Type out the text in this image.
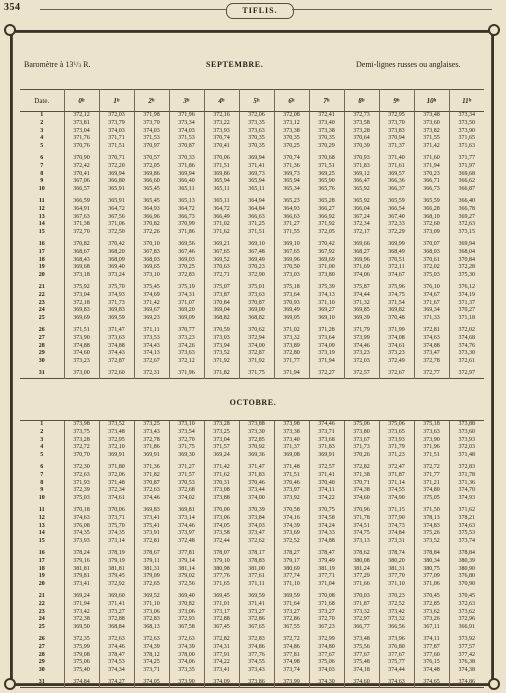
354	TIFLIS.
Baromètre à $13^1/3$ R.	SEPTEMBRE.	Demi-lignes russes ou anglaises.
Date.	0$^h$	1$^h$	2$^h$	3$^h$	4$^h$	5$^h$	6$^h$	7$^h$	8$^h$	9$^h$	10$^h$	11$^h$
1	372,12	372,03	371,98	371,96	372,16	372,06	372,08	372,41	372,73	372,95	373,48	373,34
2	373,81	373,79	373,70	373,34	373,22	373,35	373,12	373,40	373,58	373,70	373,60	373,50
3	373,04	374,03	374,03	374,03	373,93	373,63	373,38	373,38	373,28	373,83	373,82	373,90
4	371,76	371,71	371,53	371,53	370,74	370,35	370,35	370,35	370,64	370,94	371,55	371,65
5	370,76	371,51	370,97	370,87	370,41	370,35	370,25	370,29	370,39	371,37	371,42	371,63

6	370,90	370,71	370,57	370,33	370,06	369,94	370,74	370,68	370,93	371,40	371,60	371,77
7	372,42	372,20	372,05	371,86	371,51	371,41	371,36	371,51	371,83	371,61	371,94	371,97
8	370,41	369,94	369,86	369,94	369,86	369,73	369,73	369,25	369,12	369,57	370,23	369,68
9	367,06	366,80	366,60	366,40	365,94	365,94	365,94	365,90	366,47	366,36	366,71	366,62
10	366,57	365,91	365,45	365,11	365,11	365,11	365,34	365,76	365,92	366,37	366,73	366,87

11	366,59	365,91	365,45	365,13	365,11	364,94	365,23	365,28	365,92	365,59	365,59	366,40
12	364,91	364,72	364,93	364,72	364,72	364,84	364,93	366,27	366,04	366,54	366,28	366,78
13	367,63	367,56	366,96	366,73	366,49	366,63	366,63	366,92	367,24	367,40	368,10	369,27
14	371,38	371,06	370,82	370,99	371,02	371,25	371,27	371,92	372,34	372,33	372,60	372,63
15	372,70	372,50	372,26	371,86	371,62	371,51	371,55	372,05	372,17	372,29	373,09	373,15

16	370,82	370,42	370,10	369,56	369,21	369,10	369,10	370,42	369,66	369,99	370,07	369,94
17	368,67	368,20	367,83	367,46	367,65	367,48	367,65	367,92	368,27	368,49	368,03	368,04
18	368,43	368,09	368,03	369,03	369,52	369,49	369,96	369,69	369,96	370,51	370,61	370,84
19	369,68	369,40	369,65	370,25	370,63	370,23	370,50	371,00	371,69	372,11	372,02	372,28
20	373,18	373,24	373,10	372,83	372,71	372,90	373,03	373,80	374,06	374,67	375,03	375,30

21	375,92	375,70	375,45	375,19	375,07	375,01	375,18	375,39	375,87	375,96	376,10	376,12
22	373,04	374,93	374,69	374,31	373,87	373,63	373,64	374,13	374,44	374,75	374,67	374,19
23	372,18	371,73	371,42	371,07	370,84	370,87	370,93	371,10	371,32	371,54	371,67	371,37
24	369,83	369,83	369,67	369,20	369,04	369,00	369,49	369,27	369,85	369,82	369,34	370,27
25	369,69	369,59	369,23	369,09	368,82	368,82	369,05	369,10	369,39	370,48	371,33	371,18

26	371,51	371,47	371,11	370,77	370,59	370,62	371,02	371,28	371,79	371,99	372,81	372,02
27	373,90	373,63	373,53	373,23	373,03	372,94	373,32	373,64	373,99	374,08	374,63	374,68
28	374,88	374,88	374,43	374,26	373,94	374,00	373,89	374,09	374,46	374,61	374,88	374,76
29	374,60	374,43	374,13	373,63	373,52	372,87	372,80	373,19	373,23	373,23	373,47	373,30
30	373,23	372,87	372,67	372,12	371,92	371,92	371,77	371,94	372,03	372,49	372,78	372,61

31	373,00	372,60	372,31	371,96	371,82	371,75	371,94	372,27	372,57	372,67	372,77	372,97
OCTOBRE.
1	373,98	373,52	373,25	373,10	373,28	373,88	373,98	374,46	375,06	375,06	375,18	373,88
2	373,75	373,48	373,43	373,54	373,25	373,30	373,38	373,71	373,80	373,65	373,63	373,60
3	373,28	372,95	372,78	372,70	373,04	372,85	373,40	373,68	373,67	373,93	373,90	373,93
4	372,72	372,10	371,86	371,75	371,57	370,92	371,37	371,83	371,73	371,79	371,96	372,03
5	370,70	369,91	369,91	369,30	369,24	369,36	369,08	369,91	370,26	371,23	371,51	371,48

6	372,30	371,80	371,36	371,27	371,42	371,47	371,48	372,57	372,82	372,47	372,72	372,83
7	372,63	372,06	371,82	371,57	371,62	371,83	371,51	371,41	371,38	371,87	371,77	371,78
8	371,93	371,48	370,87	370,53	370,31	370,46	370,46	370,40	370,71	371,14	371,21	371,36
9	372,39	372,34	372,63	372,68	373,08	373,44	373,97	374,11	374,38	374,55	374,80	374,70
10	375,03	374,61	374,46	374,02	373,88	374,00	373,92	374,22	374,60	374,90	375,05	374,93

11	370,18	370,06	369,83	369,81	370,00	370,39	370,58	370,75	370,96	371,15	371,50	371,62
12	374,63	373,71	373,41	373,14	373,06	373,84	374,16	374,58	371,78	377,90	378,13	378,21
13	376,08	375,70	375,41	374,46	374,05	374,03	374,39	374,24	374,51	374,73	374,83	374,63
14	374,35	374,35	373,91	373,97	373,58	373,47	373,69	374,33	374,75	374,84	375,26	375,53
15	373,93	373,14	372,81	372,48	372,44	372,62	372,52	374,88	373,13	373,31	373,52	373,74

16	378,24	378,19	378,67	377,81	378,07	378,17	378,27	378,47	378,62	378,74	378,84	378,84
17	379,16	379,19	379,11	379,14	379,10	378,83	379,17	379,49	380,08	380,20	380,34	380,39
18	381,81	381,81	381,31	381,14	380,98	381,00	380,69	381,19	381,24	381,31	380,75	380,90
19	379,81	379,45	379,09	379,02	377,76	377,61	377,74	377,71	377,29	377,70	377,09	376,80
20	373,41	372,92	372,65	372,56	371,65	371,11	371,10	371,04	371,66	371,10	371,06	370,90

21	369,24	369,60	369,52	369,40	369,45	369,59	369,59	370,08	370,03	370,23	370,45	370,45
22	371,94	371,41	371,10	370,82	371,01	371,41	371,64	371,68	371,87	372,52	372,85	372,63
23	373,42	373,27	373,06	373,06	373,17	373,27	373,27	373,27	373,32	373,42	373,62	373,62
24	372,38	372,88	372,83	372,93	372,88	372,86	372,86	372,70	372,97	373,32	373,26	372,96
25	369,50	368,84	368,13	367,58	367,45	367,65	367,55	367,23	366,77	366,56	367,11	366,91

26	372,35	372,63	372,63	372,63	372,82	372,83	372,72	372,99	373,48	373,96	374,11	373,92
27	375,99	374,46	374,39	374,39	374,31	374,86	374,86	374,80	375,56	376,80	377,87	377,57
28	379,08	378,47	378,12	378,00	377,91	377,76	377,81	377,67	377,67	377,67	377,60	377,42
29	375,06	374,53	374,25	374,06	374,22	374,55	374,98	375,06	375,48	375,77	376,15	376,38
30	375,40	374,34	373,71	373,35	373,41	373,43	373,74	374,03	374,18	374,44	374,48	374,38

31	374,84	374,27	374,05	373,90	374,09	373,86	373,99	374,30	374,60	374,63	374,65	374,86
